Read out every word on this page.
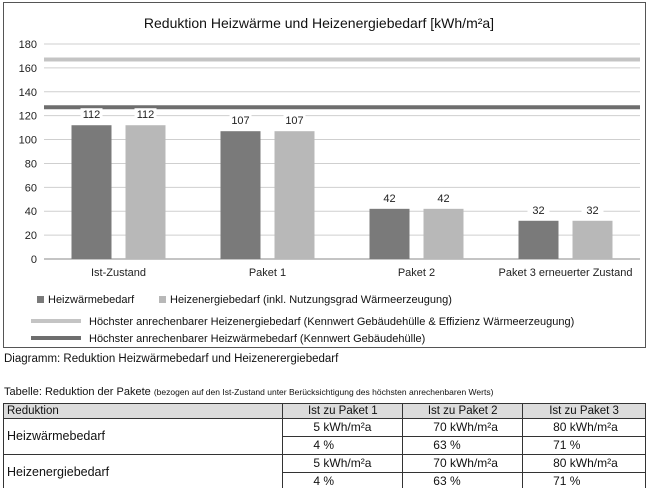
Reduktion Heizwärme und Heizenergiebedarf [kWh/m²a]
0
20
40
60
80
100
120
140
160
180
112	112
Ist-Zustand
107	107
Paket 1
42	42
Paket 2
32	32
Paket 3 erneuerter Zustand
Heizwärmebedarf	Heizenergiebedarf (inkl. Nutzungsgrad Wärmeerzeugung)
Höchster anrechenbarer Heizenergiebedarf (Kennwert Gebäudehülle & Effizienz Wärmeerzeugung)
Höchster anrechenbarer Heizwärmebedarf (Kennwert Gebäudehülle)
Diagramm: Reduktion Heizwärmebedarf und Heizenerergiebedarf
Tabelle: Reduktion der Pakete (bezogen auf den Ist-Zustand unter Berücksichtigung des höchsten anrechenbaren Werts)
Reduktion	Ist zu Paket 1	Ist zu Paket 2	Ist zu Paket 3
Heizwärmebedarf	5 kWh/m²a	70 kWh/m²a	80 kWh/m²a
	4 %	63 %	71 %
Heizenergiebedarf	5 kWh/m²a	70 kWh/m²a	80 kWh/m²a
	4 %	63 %	71 %
